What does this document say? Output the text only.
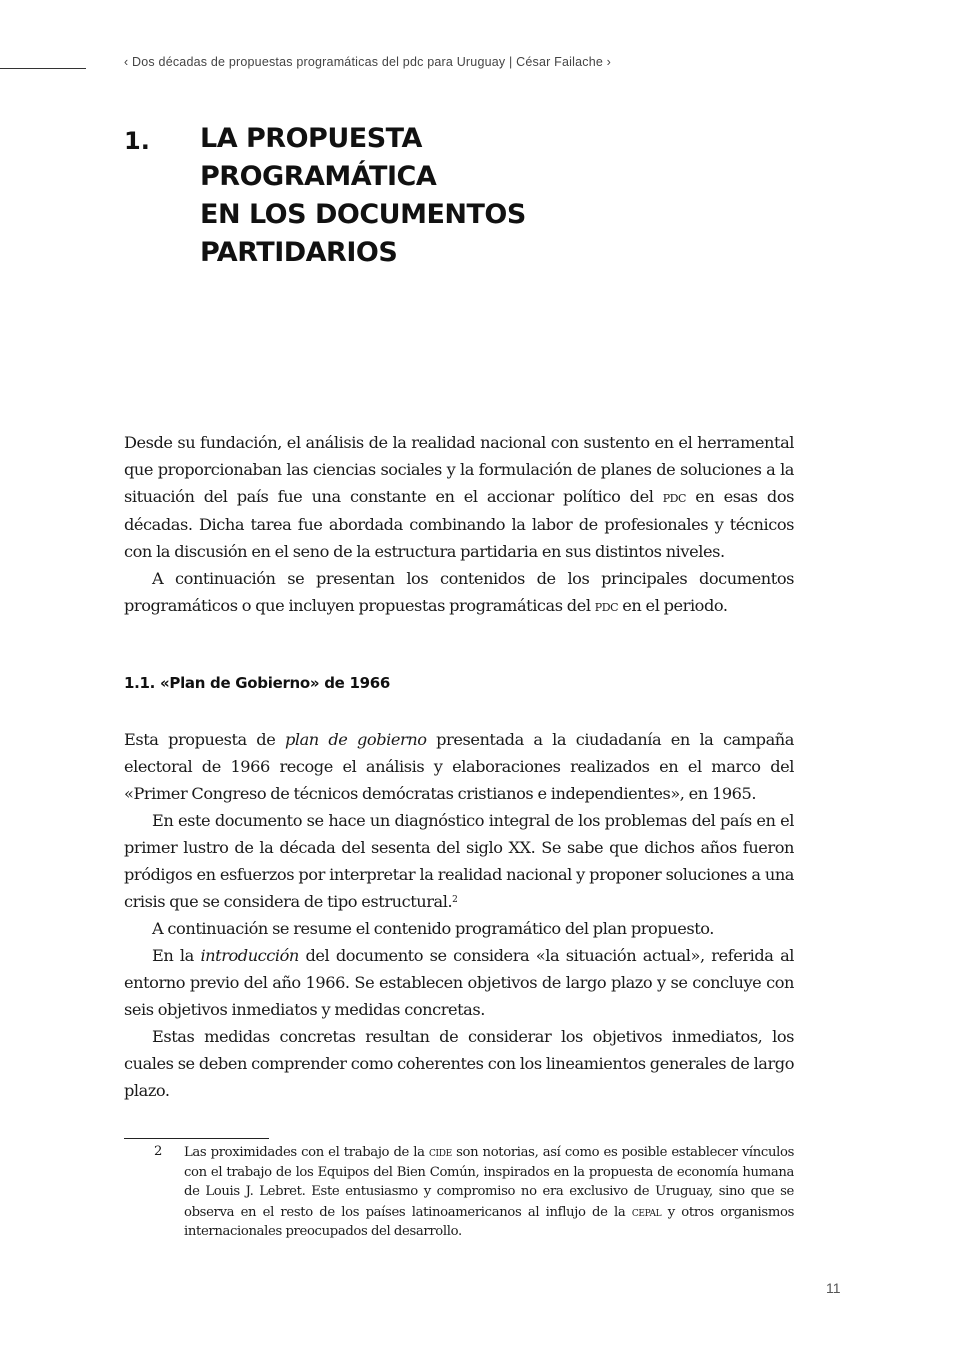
‹ Dos décadas de propuestas programáticas del pdc para Uruguay | César Failache ›
1. LA PROPUESTA
PROGRAMÁTICA
EN LOS DOCUMENTOS
PARTIDARIOS

Desde su fundación, el análisis de la realidad nacional con sustento en el herramental que proporcionaban las ciencias sociales y la formulación de planes de soluciones a la situación del país fue una constante en el accionar político del pdc en esas dos décadas. Dicha tarea fue abordada combinando la labor de profesionales y técnicos con la discusión en el seno de la estructura partidaria en sus distintos niveles.

A continuación se presentan los contenidos de los principales documentos programáticos o que incluyen propuestas programáticas del pdc en el periodo.

1.1. «Plan de Gobierno» de 1966

Esta propuesta de plan de gobierno presentada a la ciudadanía en la campaña electoral de 1966 recoge el análisis y elaboraciones realizados en el marco del «Primer Congreso de técnicos demócratas cristianos e independientes», en 1965.

En este documento se hace un diagnóstico integral de los problemas del país en el primer lustro de la década del sesenta del siglo XX. Se sabe que dichos años fueron pródigos en esfuerzos por interpretar la realidad nacional y proponer soluciones a una crisis que se considera de tipo estructural.$^2$

A continuación se resume el contenido programático del plan propuesto.

En la introducción del documento se considera «la situación actual», referida al entorno previo del año 1966. Se establecen objetivos de largo plazo y se concluye con seis objetivos inmediatos y medidas concretas.

Estas medidas concretas resultan de considerar los objetivos inmediatos, los cuales se deben comprender como coherentes con los lineamientos generales de largo plazo.

2 Las proximidades con el trabajo de la cide son notorias, así como es posible establecer vínculos con el trabajo de los Equipos del Bien Común, inspirados en la propuesta de economía humana de Louis J. Lebret. Este entusiasmo y compromiso no era exclusivo de Uruguay, sino que se observa en el resto de los países latinoamericanos al influjo de la cepal y otros organismos internacionales preocupados del desarrollo.
11
